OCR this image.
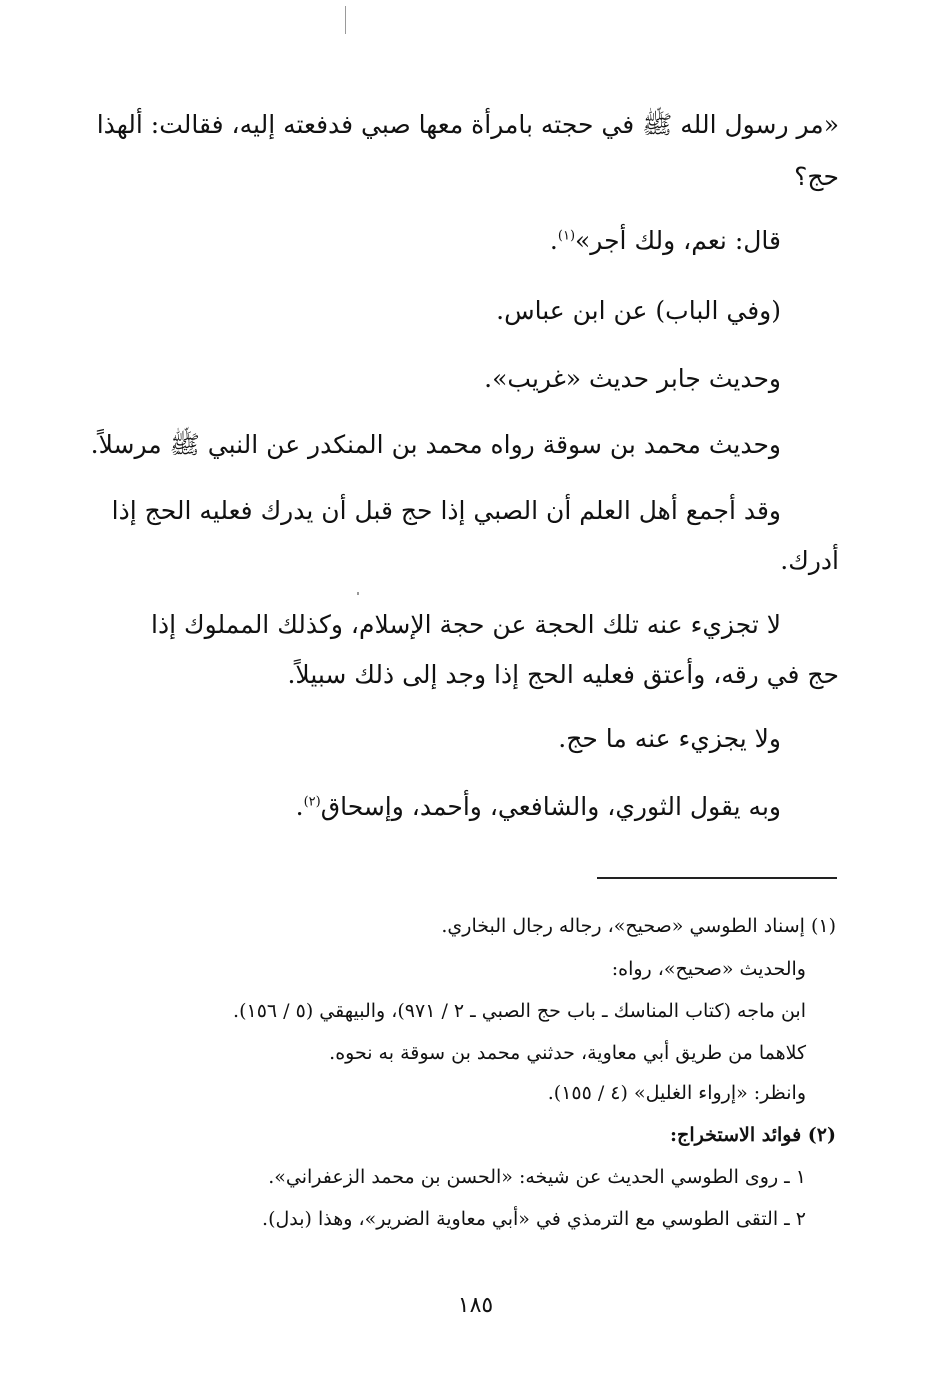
«مر رسول الله ﷺ في حجته بامرأة معها صبي فدفعته إليه، فقالت: ألهذا
حج؟
قال: نعم، ولك أجر»$^{(١)}$.
(وفي الباب) عن ابن عباس.
وحديث جابر حديث «غريب».
وحديث محمد بن سوقة رواه محمد بن المنكدر عن النبي ﷺ مرسلاً.
وقد أجمع أهل العلم أن الصبي إذا حج قبل أن يدرك فعليه الحج إذا
أدرك.
لا تجزيء عنه تلك الحجة عن حجة الإسلام، وكذلك المملوك إذا
حج في رقه، وأعتق فعليه الحج إذا وجد إلى ذلك سبيلاً.
ولا يجزيء عنه ما حج.
وبه يقول الثوري، والشافعي، وأحمد، وإسحاق$^{(٢)}$.
(١) إسناد الطوسي «صحيح»، رجاله رجال البخاري.
والحديث «صحيح»، رواه:
ابن ماجه (كتاب المناسك ـ باب حج الصبي ـ ٢ / ٩٧١)، والبيهقي (٥ / ١٥٦).
كلاهما من طريق أبي معاوية، حدثني محمد بن سوقة به نحوه.
وانظر: «إرواء الغليل» (٤ / ١٥٥).
(٢) فوائد الاستخراج:
١ ـ روى الطوسي الحديث عن شيخه: «الحسن بن محمد الزعفراني».
٢ ـ التقى الطوسي مع الترمذي في «أبي معاوية الضرير»، وهذا (بدل).
١٨٥
